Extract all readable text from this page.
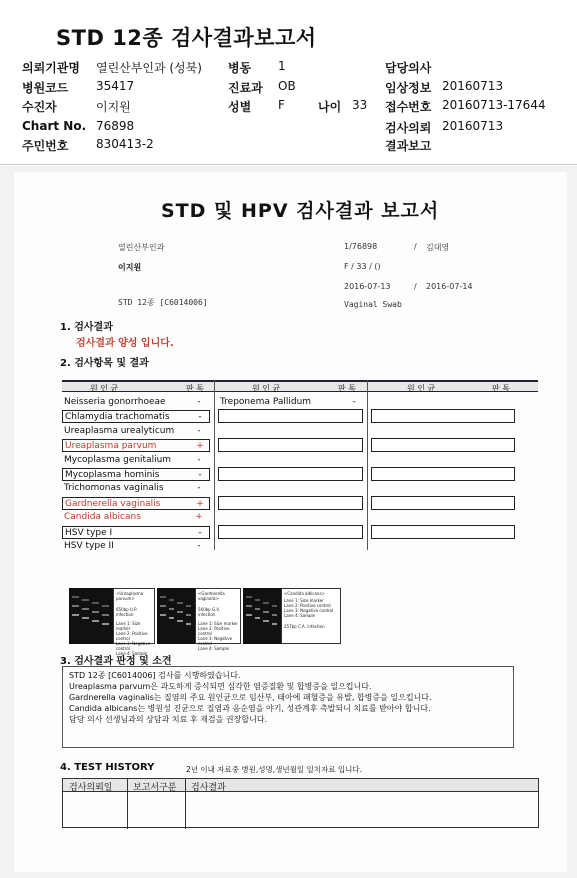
STD 12종 검사결과보고서
의뢰기관명 열린산부인과 (성북) 병동 1	담당의사
병원코드 35417	진료과 OB	임상정보 20160713
수진자	이지원	성별 F	나이 33 접수번호 20160713-17644
Chart No. 76898	검사의뢰 20160713
주민번호 830413-2	결과보고
STD 및 HPV 검사결과 보고서
열린산부인과	1/76898	/ 김대영
이지원	F / 33 / ()
2016-07-13	/ 2016-07-14
STD 12종 [C6014006]	Vaginal Swab
1. 검사결과
검사결과 양성 입니다.
2. 검사항목 및 결과
원 인 균	판 독	원 인 균	판 독	원 인 균	판 독
Neisseria gonorrhoeae	-
Chlamydia trachomatis	-
Ureaplasma urealyticum	-
Ureaplasma parvum	+
Mycoplasma genitalium	-
Mycoplasma hominis	-
Trichomonas vaginalis	-
Gardnerella vaginalis	+
Candida albicans	+
HSV type I	-
HSV type II	-
Treponema Pallidum	-
<Ureaplasma parvum>
650bp U.P. infection
Lane 1: Size marker
Lane 2: Positive control
Lane 3: Negative control
Lane 4: Sample
<Gardnerella vaginalis>
560bp G.V. infection
Lane 1: Size marker
Lane 2: Positive control
Lane 3: Negative control
Lane 4: Sample
<Candida albicans>
Lane 1: Size marker
Lane 2: Positive control
Lane 3: Negative control
Lane 4: Sample
257bp C.A. infection
3. 검사결과 판정 및 소견
STD 12종 [C6014006] 검사를 시행하였습니다.
Ureaplasma parvum은 과도하게 증식되면 심각한 염증질환 및 합병증을 일으킵니다.
Gardnerella vaginalis는 질염의 주요 원인균으로 임산부, 태아에 패혈증을 유발, 합병증을 일으킵니다.
Candida albicans는 병원성 진균으로 질염과 음순염을 야기, 성관계후 촉발되니 치료를 받아야 합니다.
담당 의사 선생님과의 상담과 치료 후 재검을 권장합니다.
4. TEST HISTORY	2년 이내 자료중 병원,성명,생년월일 일치자료 입니다.
검사의뢰일 보고서구분 검사결과
